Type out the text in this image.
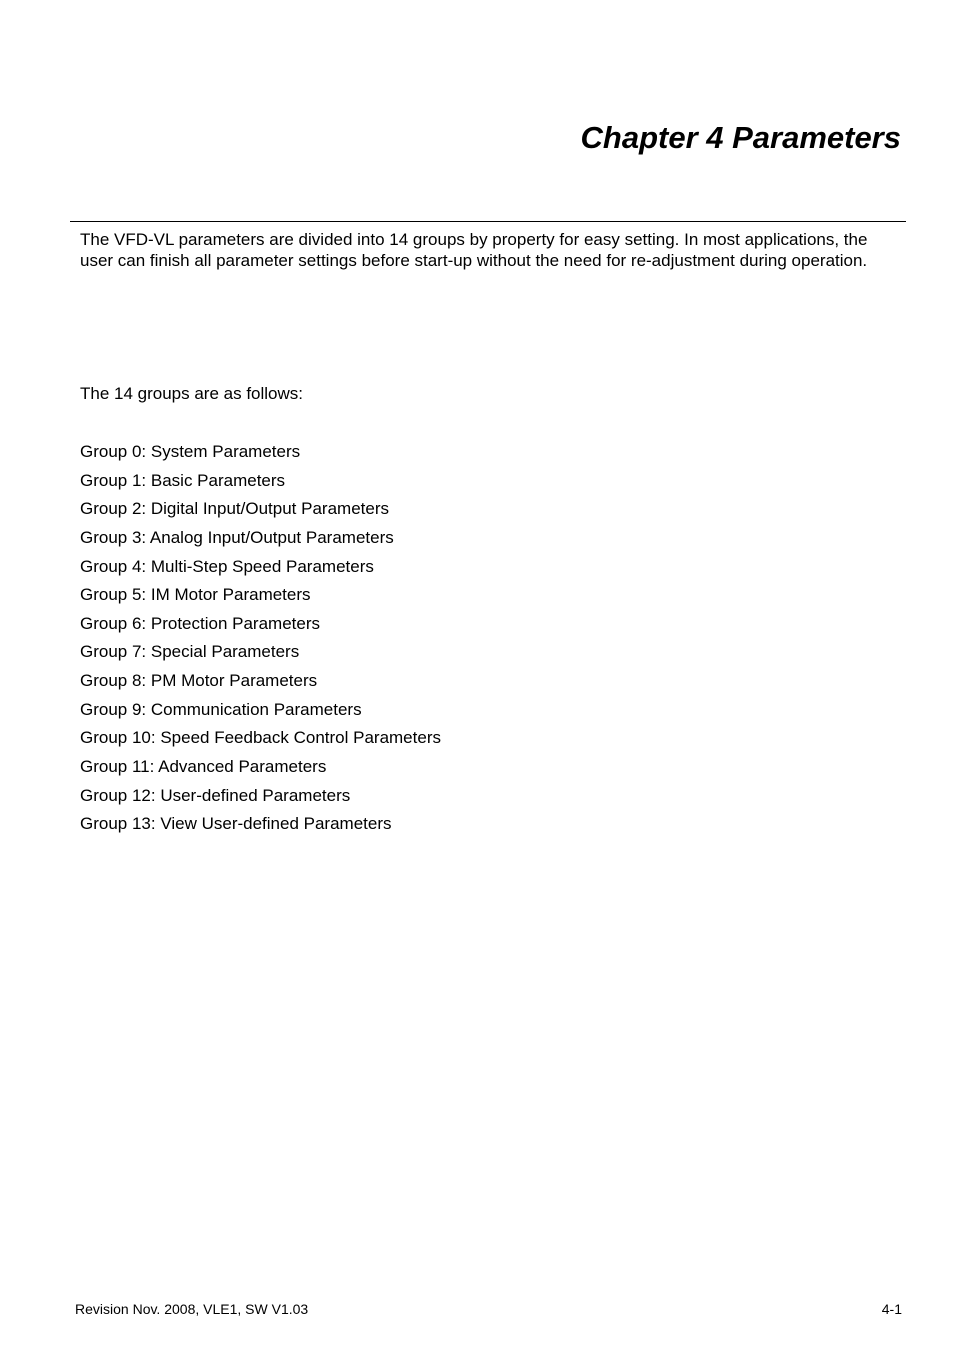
Chapter 4 Parameters

The VFD-VL parameters are divided into 14 groups by property for easy setting. In most applications, the user can finish all parameter settings before start-up without the need for re-adjustment during operation.

The 14 groups are as follows:

Group 0: System Parameters
Group 1: Basic Parameters
Group 2: Digital Input/Output Parameters
Group 3: Analog Input/Output Parameters
Group 4: Multi-Step Speed Parameters
Group 5: IM Motor Parameters
Group 6: Protection Parameters
Group 7: Special Parameters
Group 8: PM Motor Parameters
Group 9: Communication Parameters
Group 10: Speed Feedback Control Parameters
Group 11: Advanced Parameters
Group 12: User-defined Parameters
Group 13: View User-defined Parameters

Revision Nov. 2008, VLE1, SW V1.03	4-1
